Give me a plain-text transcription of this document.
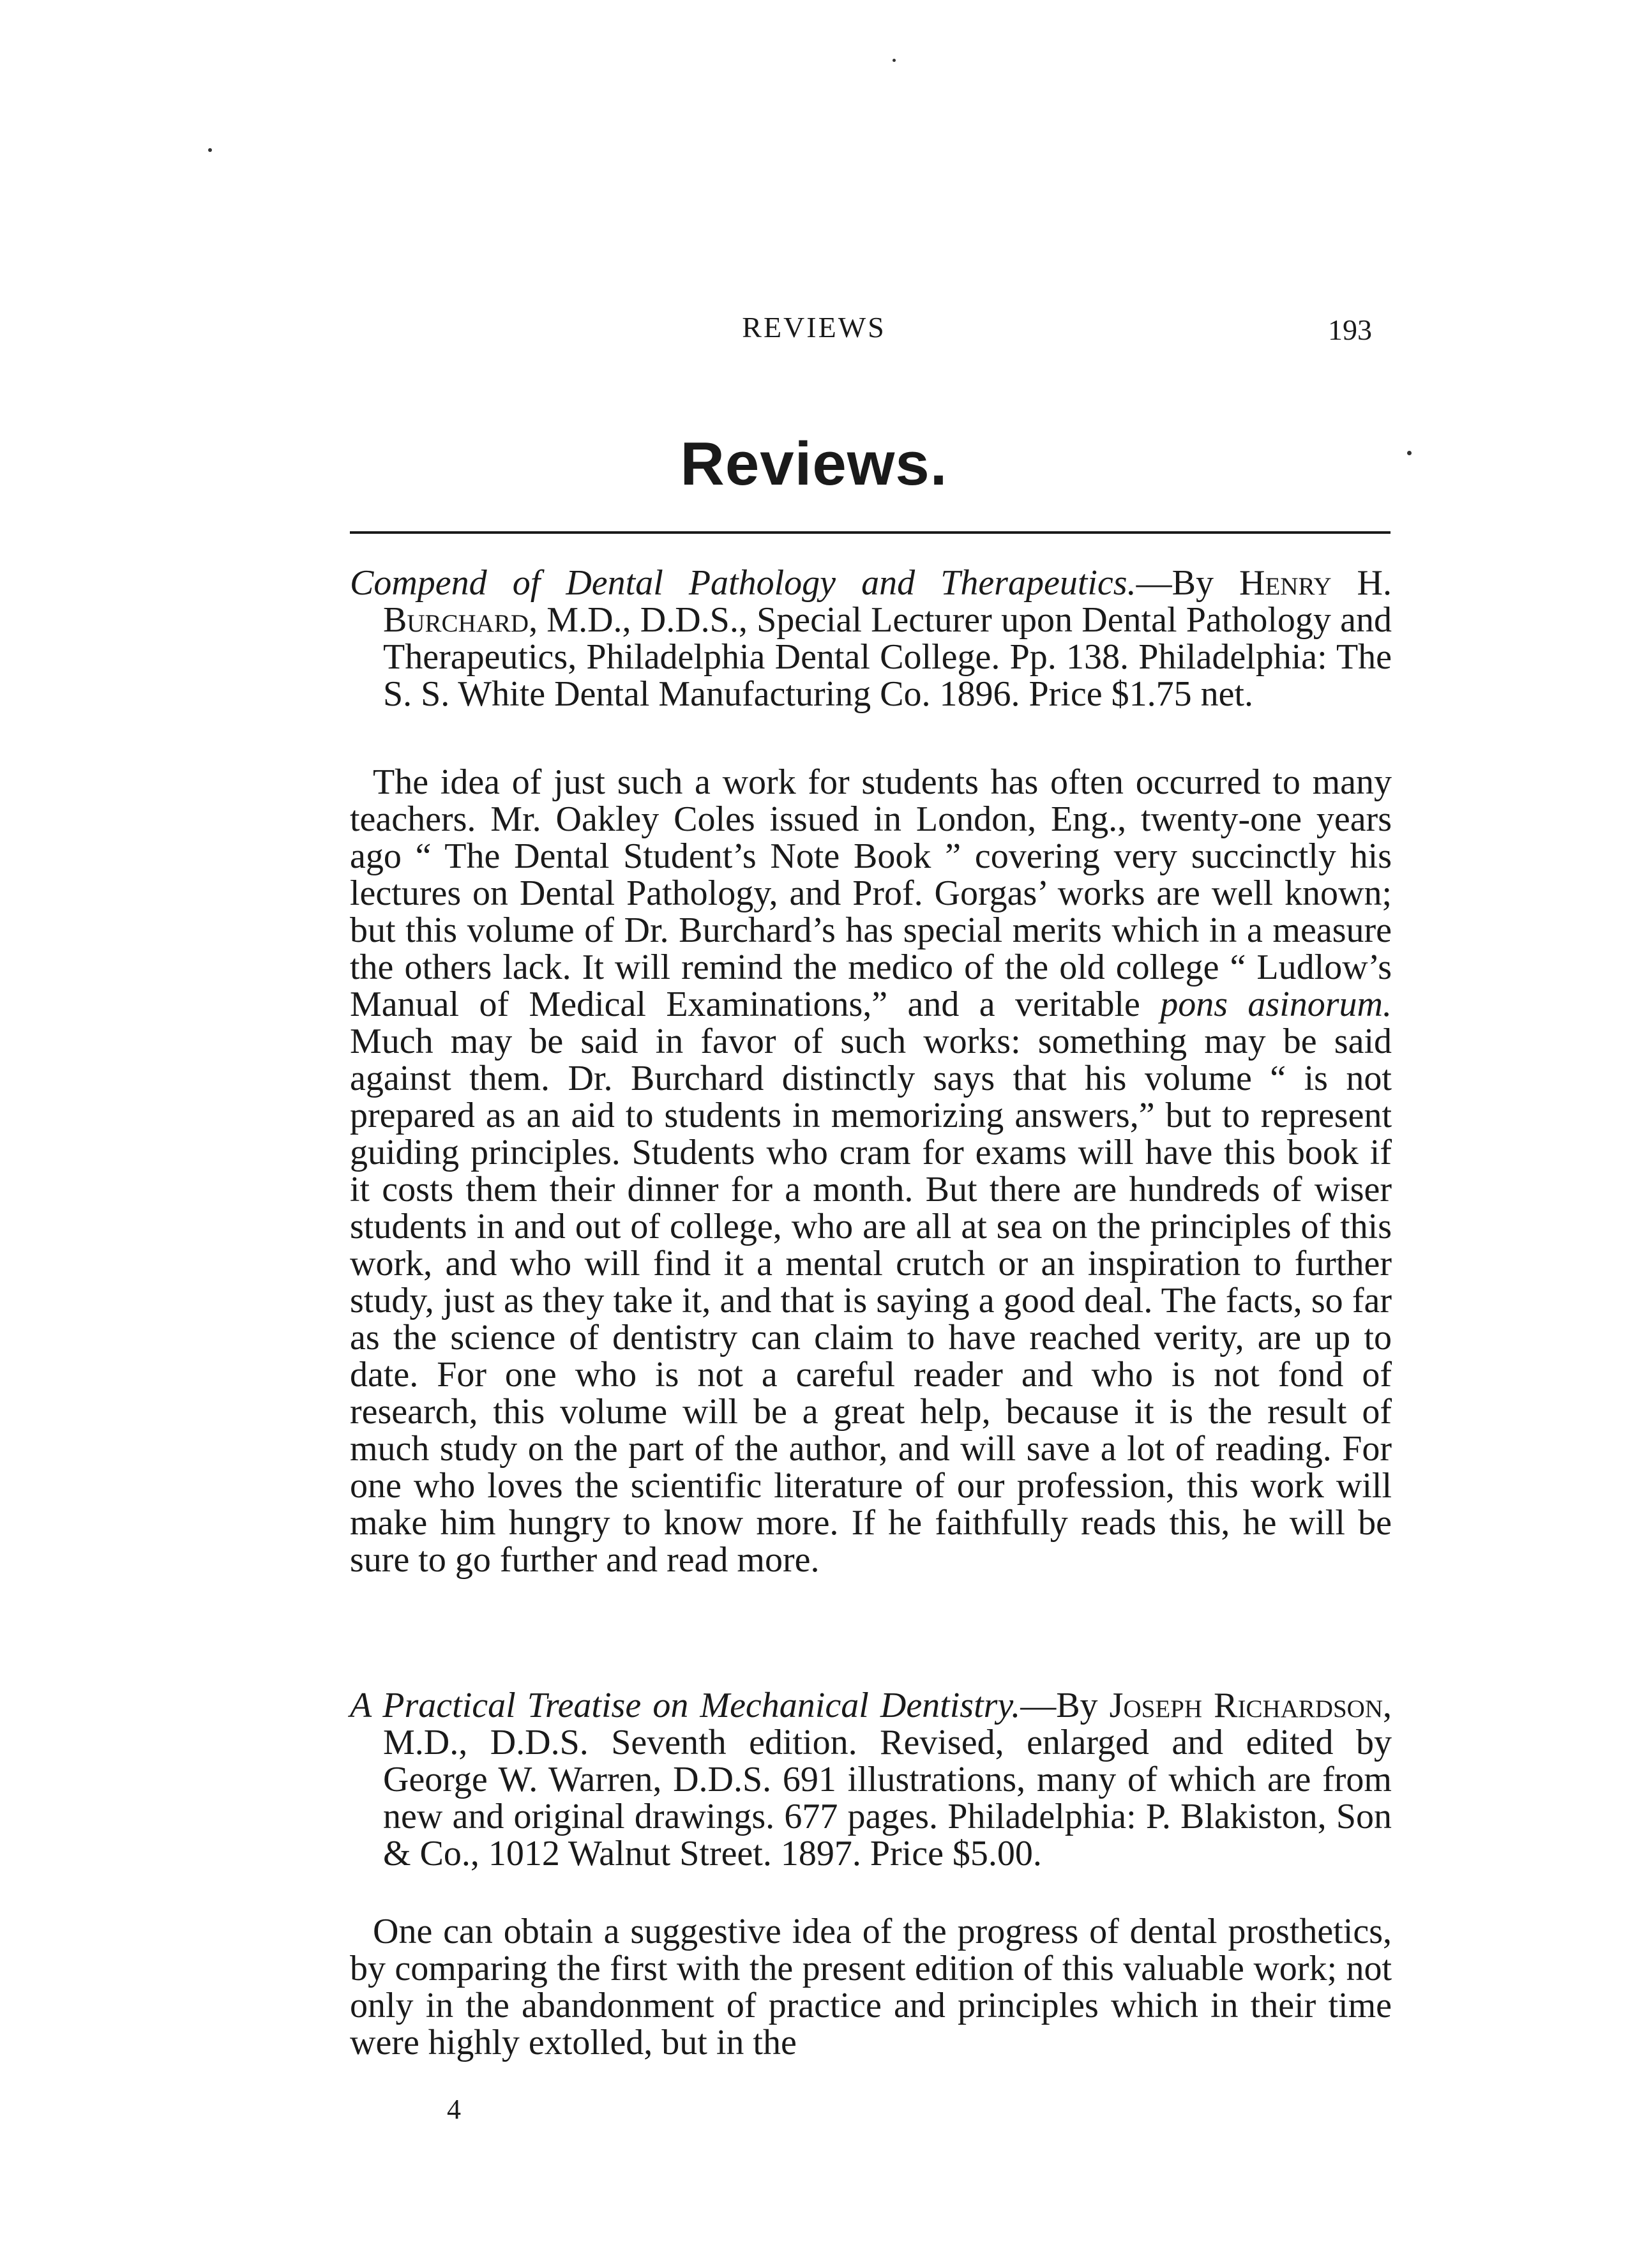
REVIEWS	193
Reviews.
Compend of Dental Pathology and Therapeutics.—By Henry H. Burchard, M.D., D.D.S., Special Lecturer upon Dental Pathology and Therapeutics, Philadelphia Dental College. Pp. 138. Philadelphia: The S. S. White Dental Manufacturing Co. 1896. Price $1.75 net.
The idea of just such a work for students has often occurred to many teachers. Mr. Oakley Coles issued in London, Eng., twenty-one years ago “ The Dental Student’s Note Book ” covering very succinctly his lectures on Dental Pathology, and Prof. Gorgas’ works are well known; but this volume of Dr. Burchard’s has special merits which in a measure the others lack. It will remind the medico of the old college “ Ludlow’s Manual of Medical Examinations,” and a veritable pons asinorum. Much may be said in favor of such works: something may be said against them. Dr. Burchard distinctly says that his volume “ is not prepared as an aid to students in memorizing answers,” but to represent guiding principles. Students who cram for exams will have this book if it costs them their dinner for a month. But there are hundreds of wiser students in and out of college, who are all at sea on the principles of this work, and who will find it a mental crutch or an inspiration to further study, just as they take it, and that is saying a good deal. The facts, so far as the science of dentistry can claim to have reached verity, are up to date. For one who is not a careful reader and who is not fond of research, this volume will be a great help, because it is the result of much study on the part of the author, and will save a lot of reading. For one who loves the scientific literature of our profession, this work will make him hungry to know more. If he faithfully reads this, he will be sure to go further and read more.
A Practical Treatise on Mechanical Dentistry.—By Joseph Richardson, M.D., D.D.S. Seventh edition. Revised, enlarged and edited by George W. Warren, D.D.S. 691 illustrations, many of which are from new and original drawings. 677 pages. Philadelphia: P. Blakiston, Son & Co., 1012 Walnut Street. 1897. Price $5.00.
One can obtain a suggestive idea of the progress of dental prosthetics, by comparing the first with the present edition of this valuable work; not only in the abandonment of practice and principles which in their time were highly extolled, but in the
4
